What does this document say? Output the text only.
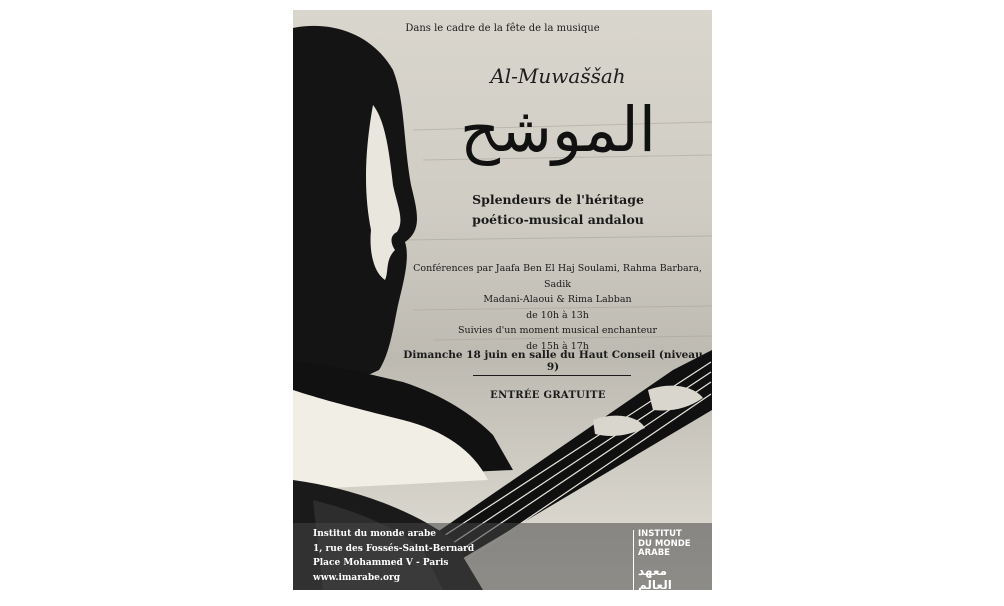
Dans le cadre de la fête de la musique
Al-Muwaššah
الموشح
Splendeurs de l'héritage
poético-musical andalou
Conférences par Jaafa Ben El Haj Soulami, Rahma Barbara, Sadik
Madani-Alaoui & Rima Labban
de 10h à 13h
Suivies d'un moment musical enchanteur
de 15h à 17h
Dimanche 18 juin en salle du Haut Conseil (niveau 9)
ENTRÉE GRATUITE
Institut du monde arabe
1, rue des Fossés-Saint-Bernard
Place Mohammed V - Paris
www.imarabe.org
INSTITUT
DU MONDE
ARABE
معهد العالم العربي
